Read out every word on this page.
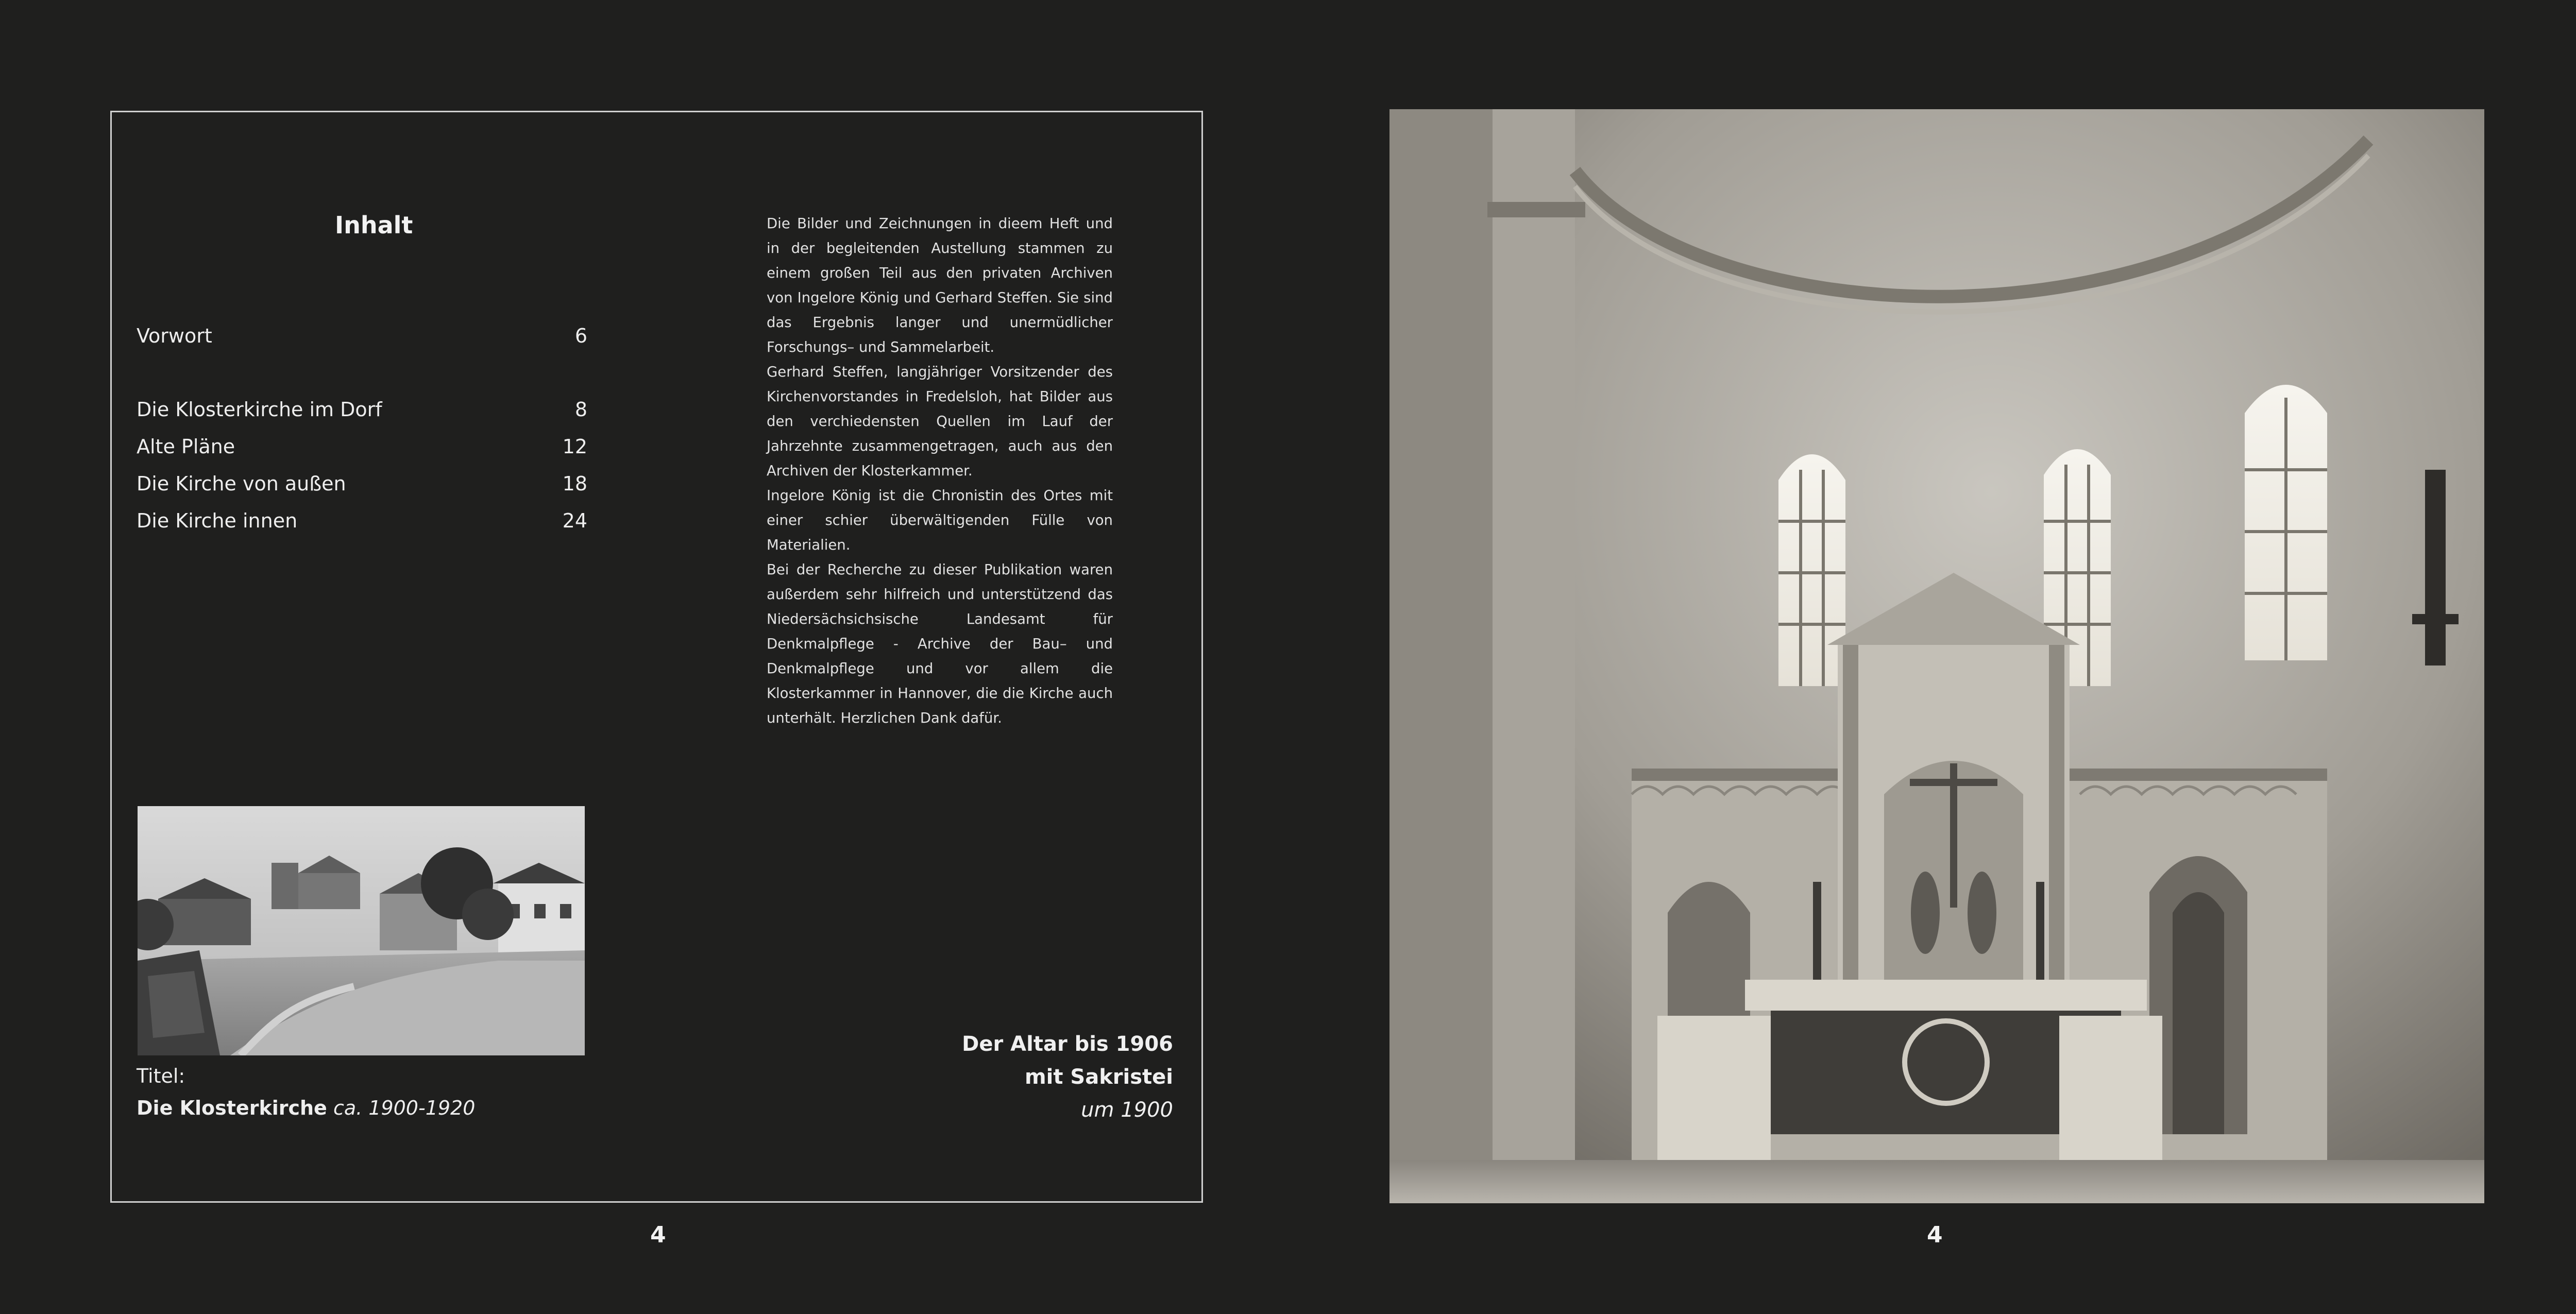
Inhalt
Vorwort	6
Die Klosterkirche im Dorf	8
Alte Pläne	12
Die Kirche von außen	18
Die Kirche innen	24

Die Bilder und Zeichnungen in dieem Heft und in der begleitenden Austellung stammen zu einem großen Teil aus den privaten Archiven von Ingelore König und Gerhard Steffen. Sie sind das Ergebnis langer und unermüdlicher Forschungs– und Sammelarbeit.

Gerhard Steffen, langjähriger Vorsitzender des Kirchenvorstandes in Fredelsloh, hat Bilder aus den verchiedensten Quellen im Lauf der Jahrzehnte zusammengetragen, auch aus den Archiven der Klosterkammer.

Ingelore König ist die Chronistin des Ortes mit einer schier überwältigenden Fülle von Materialien.

Bei der Recherche zu dieser Publikation waren außerdem sehr hilfreich und unterstützend das Niedersächsichsische Landesamt für Denkmalpflege - Archive der Bau– und Denkmalpflege und vor allem die Klosterkammer in Hannover, die die Kirche auch unterhält. Herzlichen Dank dafür.

Titel:
Die Klosterkirche ca. 1900-1920
Der Altar bis 1906
mit Sakristei
um 1900
4	4
